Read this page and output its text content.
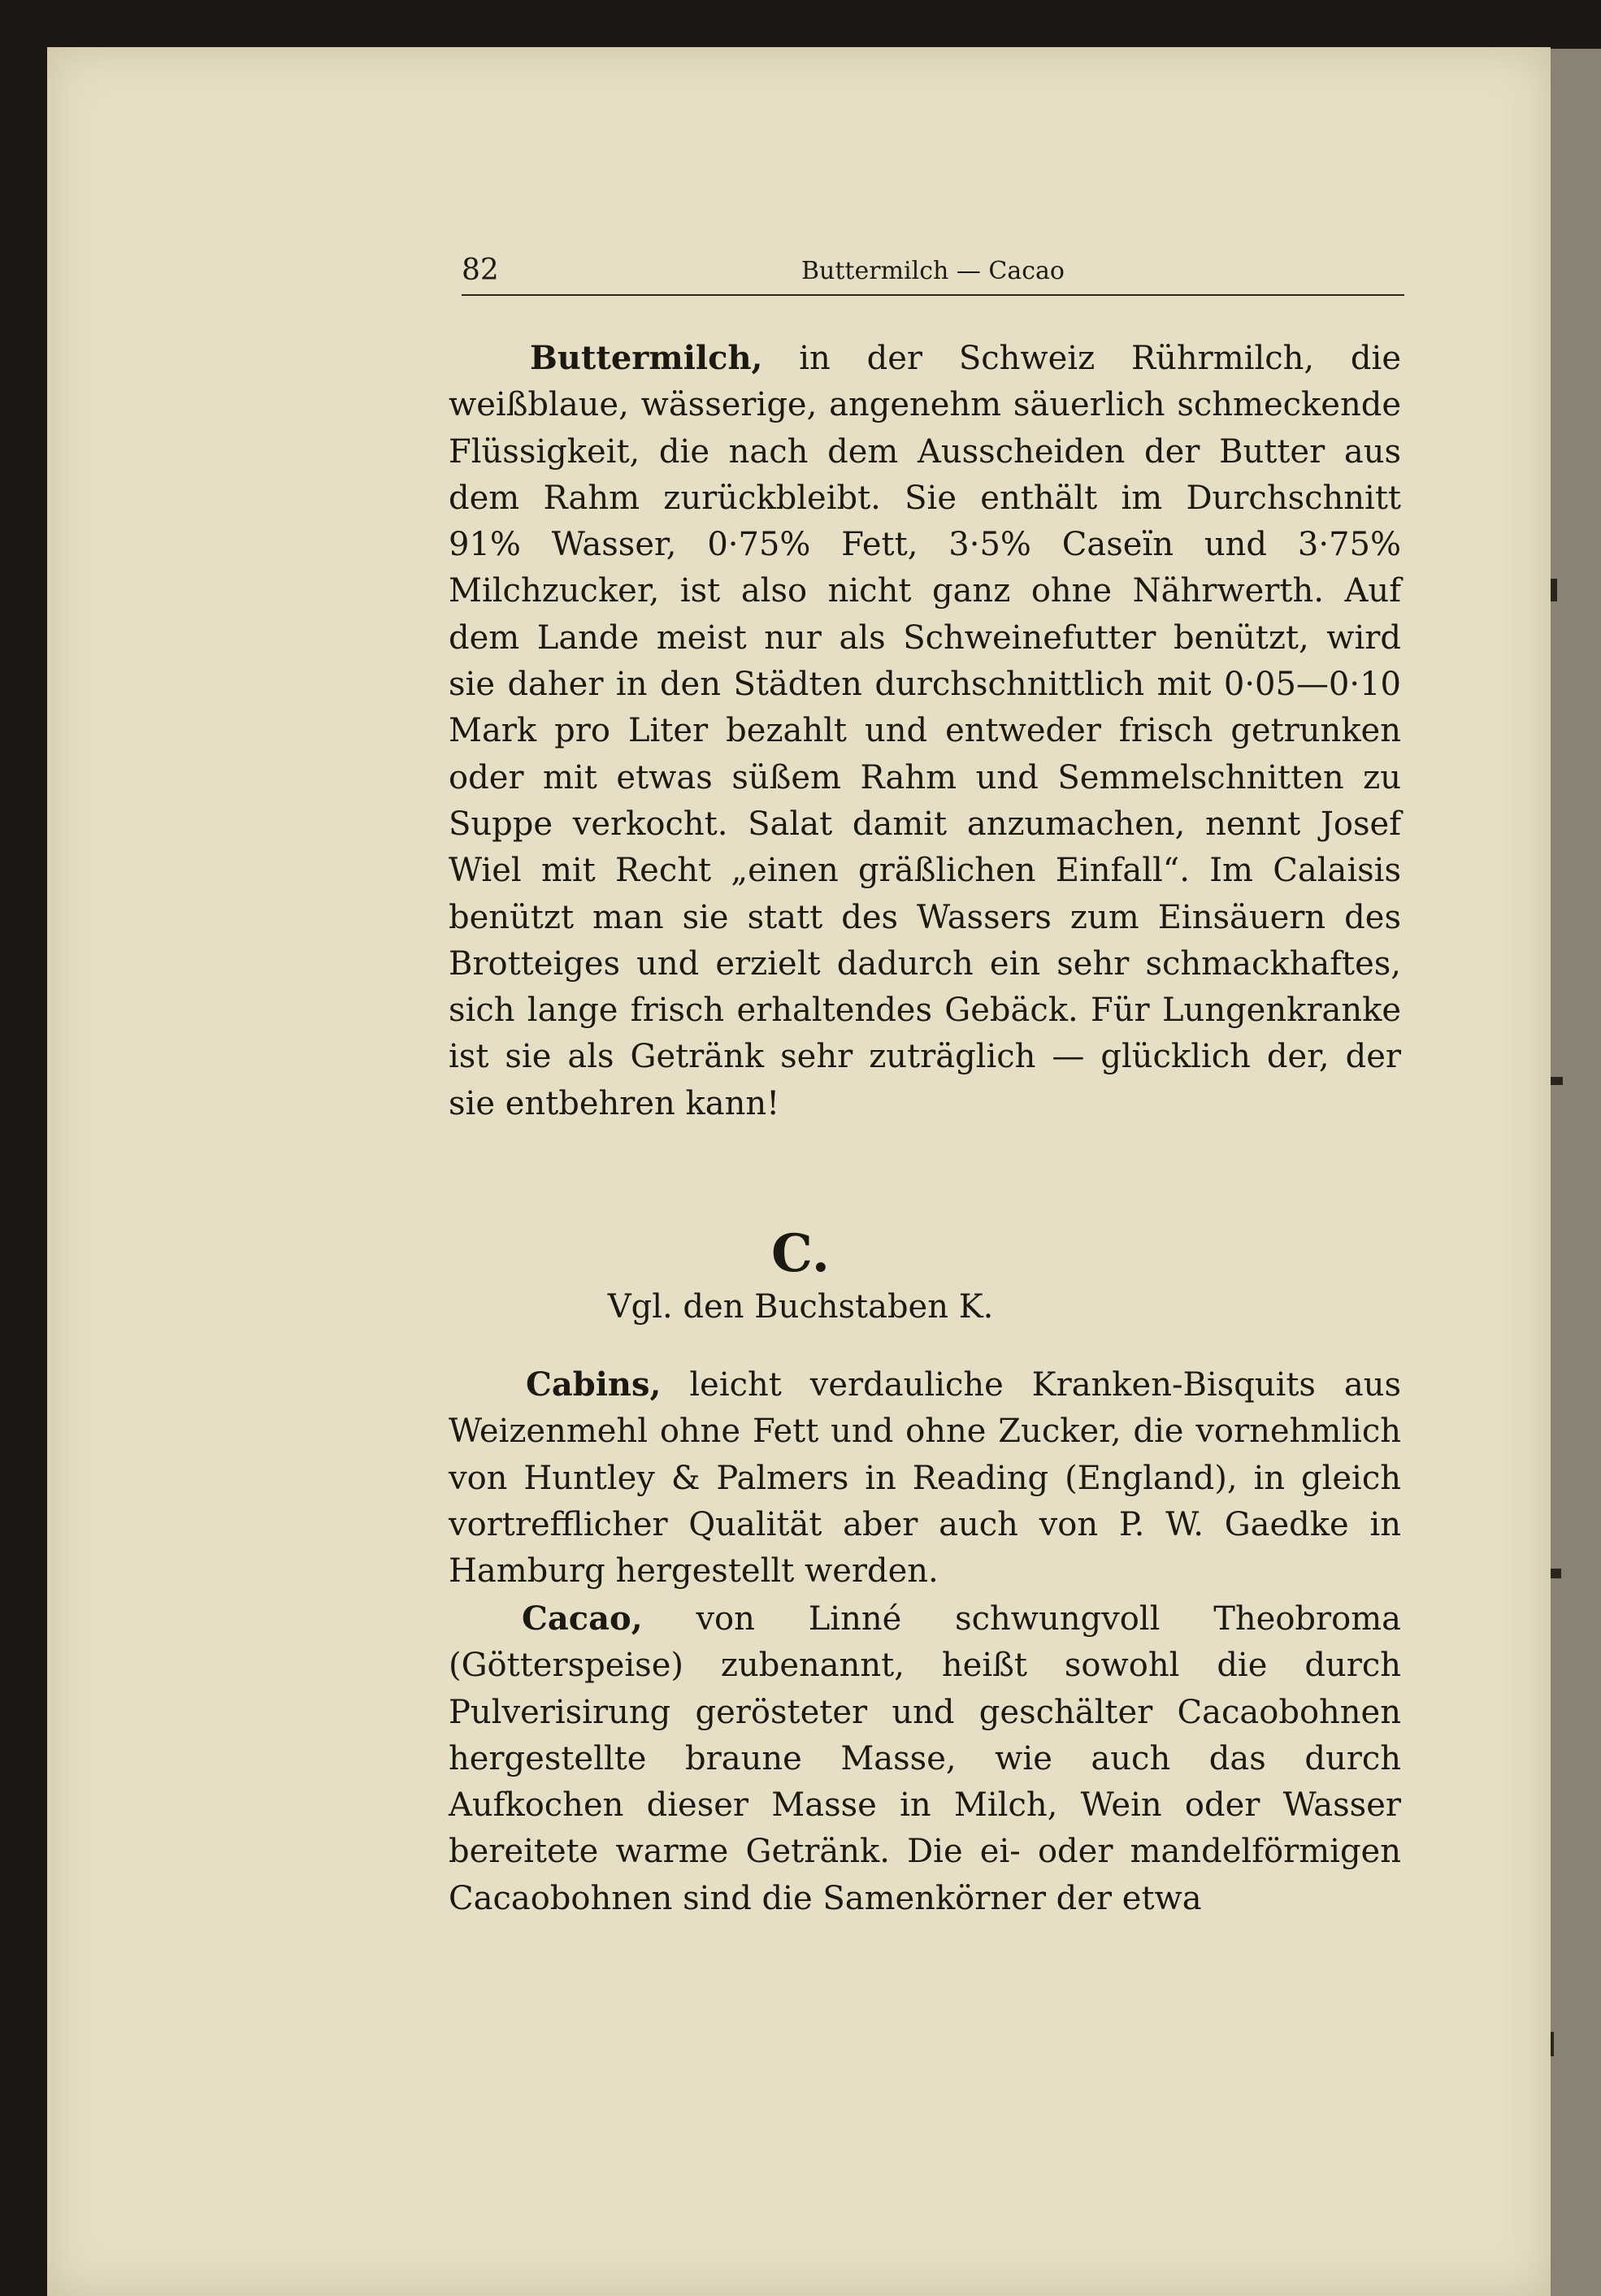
82	Buttermilch — Cacao

Buttermilch, in der Schweiz Rührmilch, die weißblaue, wässerige, angenehm säuerlich schmeckende Flüssigkeit, die nach dem Ausscheiden der Butter aus dem Rahm zurückbleibt. Sie enthält im Durchschnitt 91% Wasser, 0·75% Fett, 3·5% Caseïn und 3·75% Milchzucker, ist also nicht ganz ohne Nährwerth. Auf dem Lande meist nur als Schweinefutter benützt, wird sie daher in den Städten durchschnittlich mit 0·05—0·10 Mark pro Liter bezahlt und entweder frisch getrunken oder mit etwas süßem Rahm und Semmelschnitten zu Suppe verkocht. Salat damit anzumachen, nennt Josef Wiel mit Recht „einen gräßlichen Einfall“. Im Calaisis benützt man sie statt des Wassers zum Einsäuern des Brotteiges und erzielt dadurch ein sehr schmackhaftes, sich lange frisch erhaltendes Gebäck. Für Lungenkranke ist sie als Getränk sehr zuträglich — glücklich der, der sie entbehren kann!

C.
Vgl. den Buchstaben K.

Cabins, leicht verdauliche Kranken-Bisquits aus Weizenmehl ohne Fett und ohne Zucker, die vornehmlich von Huntley & Palmers in Reading (England), in gleich vortrefflicher Qualität aber auch von P. W. Gaedke in Hamburg hergestellt werden.

Cacao, von Linné schwungvoll Theobroma (Götterspeise) zubenannt, heißt sowohl die durch Pulverisirung gerösteter und geschälter Cacaobohnen hergestellte braune Masse, wie auch das durch Aufkochen dieser Masse in Milch, Wein oder Wasser bereitete warme Getränk. Die ei- oder mandelförmigen Cacaobohnen sind die Samenkörner der etwa
